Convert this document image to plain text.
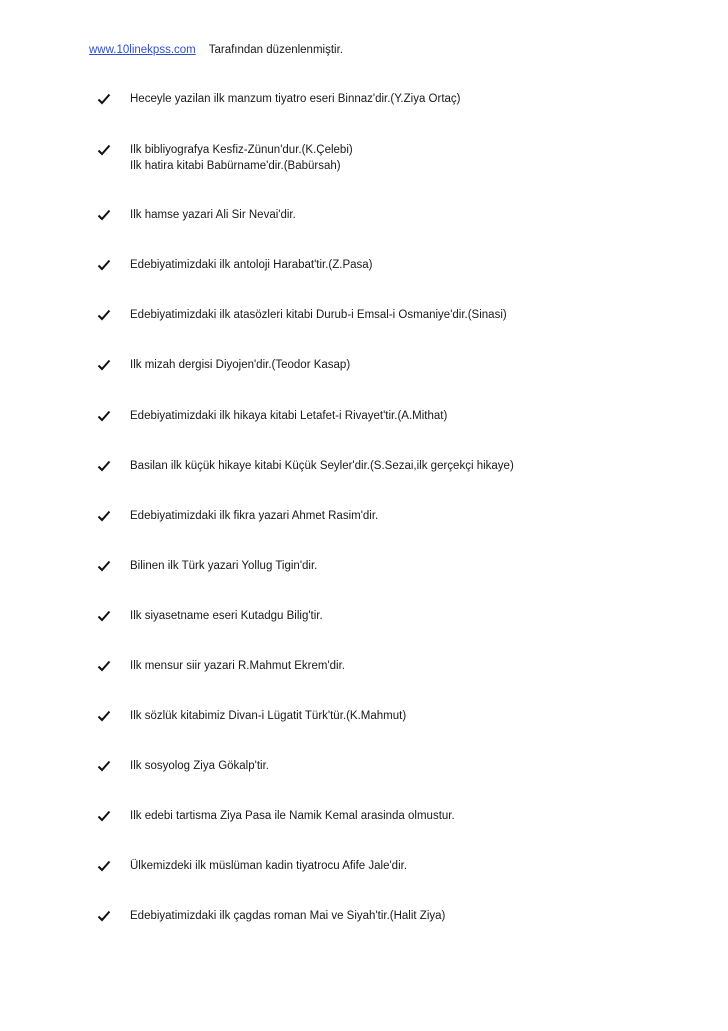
www.10linekpss.com Tarafından düzenlenmiştir.
Heceyle yazilan ilk manzum tiyatro eseri Binnaz'dir.(Y.Ziya Ortaç)
Ilk bibliyografya Kesfiz-Zünun'dur.(K.Çelebi)
Ilk hatira kitabi Babürname'dir.(Babürsah)
Ilk hamse yazari Ali Sir Nevai'dir.
Edebiyatimizdaki ilk antoloji Harabat'tir.(Z.Pasa)
Edebiyatimizdaki ilk atasözleri kitabi Durub-i Emsal-i Osmaniye'dir.(Sinasi)
Ilk mizah dergisi Diyojen'dir.(Teodor Kasap)
Edebiyatimizdaki ilk hikaya kitabi Letafet-i Rivayet'tir.(A.Mithat)
Basilan ilk küçük hikaye kitabi Küçük Seyler'dir.(S.Sezai,ilk gerçekçi hikaye)
Edebiyatimizdaki ilk fikra yazari Ahmet Rasim'dir.
Bilinen ilk Türk yazari Yollug Tigin'dir.
Ilk siyasetname eseri Kutadgu Bilig'tir.
Ilk mensur siir yazari R.Mahmut Ekrem'dir.
Ilk sözlük kitabimiz Divan-i Lügatit Türk'tür.(K.Mahmut)
Ilk sosyolog Ziya Gökalp'tir.
Ilk edebi tartisma Ziya Pasa ile Namik Kemal arasinda olmustur.
Ülkemizdeki ilk müslüman kadin tiyatrocu Afife Jale'dir.
Edebiyatimizdaki ilk çagdas roman Mai ve Siyah'tir.(Halit Ziya)
